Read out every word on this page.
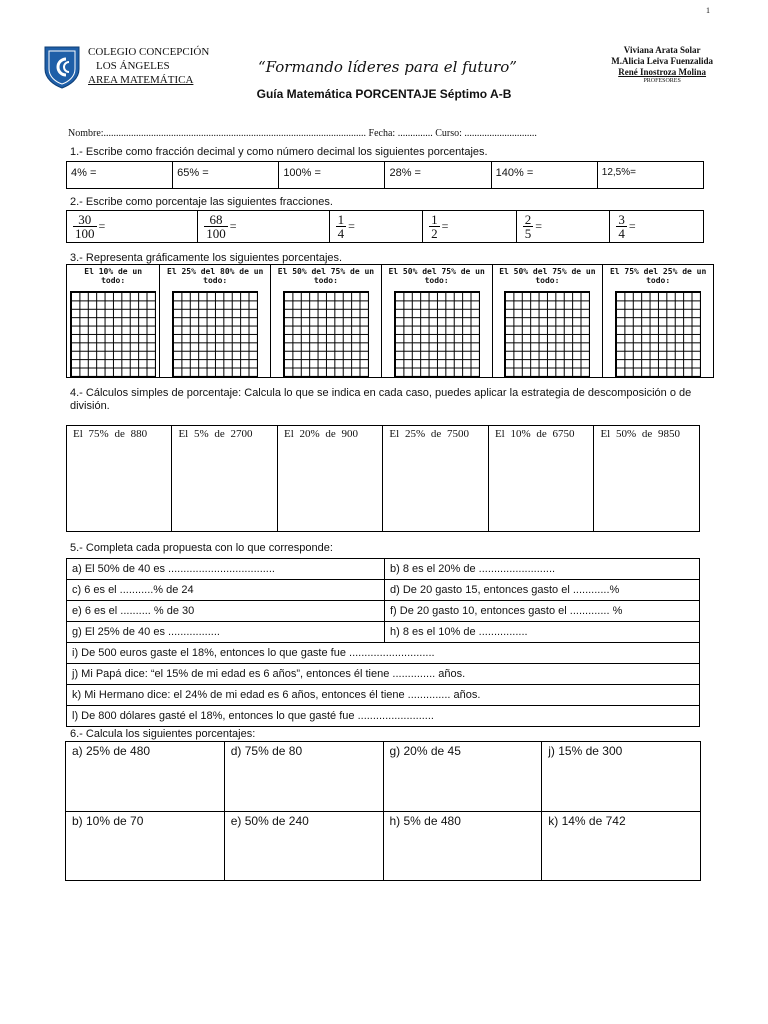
1
COLEGIO CONCEPCIÓN
LOS ÁNGELES
AREA MATEMÁTICA
“Formando líderes para el futuro”
Viviana Arata Solar
M.Alicia Leiva Fuenzalida
René Inostroza Molina
PROFESORES
Guía Matemática PORCENTAJE Séptimo A-B
Nombre:......................................................................................................... Fecha: .............. Curso: .............................
1.- Escribe como fracción decimal y como número decimal los siguientes porcentajes.
4% =	65% =	100% =	28% =	140% =	12,5%=
2.- Escribe como porcentaje las siguientes fracciones.
$\frac{30}{100}$ =	$\frac{68}{100}$ =	$\frac{1}{4}$ =	$\frac{1}{2}$ =	$\frac{2}{5}$ =	$\frac{3}{4}$ =
3.- Representa gráficamente los siguientes porcentajes.
El 10% de un todo:

El 25% del 80% de un todo:

El 50% del 75% de un todo:

El 50% del 75% de un todo:

El 50% del 75% de un todo:

El 75% del 25% de un todo:
4.- Cálculos simples de porcentaje: Calcula lo que se indica en cada caso, puedes aplicar la estrategia de descomposición o de división.
El 75% de 880	El 5% de 2700	El 20% de 900	El 25% de 7500	El 10% de 6750	El 50% de 9850
5.- Completa cada propuesta con lo que corresponde:
a) El 50% de 40 es ...................................	b) 8 es el 20% de .........................
c) 6 es el ...........% de 24	d) De 20 gasto 15, entonces gasto el ............%
e) 6 es el .......... % de 30	f) De 20 gasto 10, entonces gasto el ............. %
g) El 25% de 40 es .................	h) 8 es el 10% de ................
i) De 500 euros gaste el 18%, entonces lo que gaste fue ............................	
j) Mi Papá dice: “el 15% de mi edad es 6 años”, entonces él tiene .............. años.	
k) Mi Hermano dice: el 24% de mi edad es 6 años, entonces él tiene .............. años.	
l) De 800 dólares gasté el 18%, entonces lo que gasté fue .........................	
6.- Calcula los siguientes porcentajes:
a) 25% de 480	d) 75% de 80	g) 20% de 45	j) 15% de 300
b) 10% de 70	e) 50% de 240	h) 5% de 480	k) 14% de 742
